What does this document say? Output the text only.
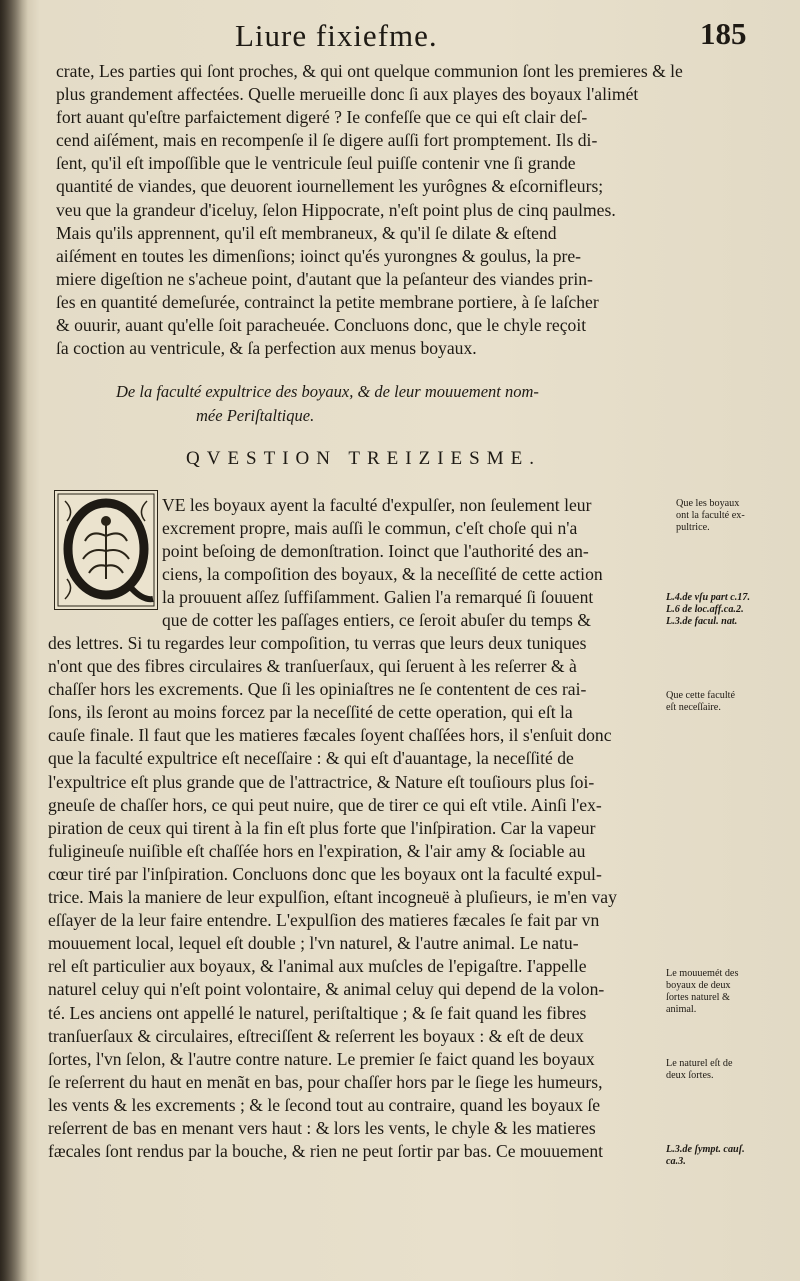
Liure fixiefme.	185
crate, Les parties qui ſont proches, & qui ont quelque communion ſont les premieres & le
plus grandement affectées. Quelle merueille donc ſi aux playes des boyaux l'alimét
fort auant qu'eſtre parfaictement digeré ? Ie confeſſe que ce qui eſt clair deſ-
cend aiſément, mais en recompenſe il ſe digere auſſi fort promptement. Ils di-
ſent, qu'il eſt impoſſible que le ventricule ſeul puiſſe contenir vne ſi grande
quantité de viandes, que deuorent iournellement les yurôgnes & eſcornifleurs;
veu que la grandeur d'iceluy, ſelon Hippocrate, n'eſt point plus de cinq paulmes.
Mais qu'ils apprennent, qu'il eſt membraneux, & qu'il ſe dilate & eſtend
aiſément en toutes les dimenſions; ioinct qu'és yurongnes & goulus, la pre-
miere digeſtion ne s'acheue point, d'autant que la peſanteur des viandes prin-
ſes en quantité demeſurée, contrainct la petite membrane portiere, à ſe laſcher
& ouurir, auant qu'elle ſoit paracheuée. Concluons donc, que le chyle reçoit
ſa coction au ventricule, & ſa perfection aux menus boyaux.
De la faculté expultrice des boyaux, & de leur mouuement nom-
mée Periſtaltique.
QVESTION TREIZIESME.
VE les boyaux ayent la faculté d'expulſer, non ſeulement leur
excrement propre, mais auſſi le commun, c'eſt choſe qui n'a
point beſoing de demonſtration. Ioinct que l'authorité des an-
ciens, la compoſition des boyaux, & la neceſſité de cette action
la prouuent aſſez ſuffiſamment. Galien l'a remarqué ſi ſouuent
que de cotter les paſſages entiers, ce ſeroit abuſer du temps &
des lettres. Si tu regardes leur compoſition, tu verras que leurs deux tuniques
n'ont que des fibres circulaires & tranſuerſaux, qui ſeruent à les reſerrer & à
chaſſer hors les excrements. Que ſi les opiniaſtres ne ſe contentent de ces rai-
ſons, ils ſeront au moins forcez par la neceſſité de cette operation, qui eſt la
cauſe finale. Il faut que les matieres fæcales ſoyent chaſſées hors, il s'enſuit donc
que la faculté expultrice eſt neceſſaire : & qui eſt d'auantage, la neceſſité de
l'expultrice eſt plus grande que de l'attractrice, & Nature eſt touſiours plus ſoi-
gneuſe de chaſſer hors, ce qui peut nuire, que de tirer ce qui eſt vtile. Ainſi l'ex-
piration de ceux qui tirent à la fin eſt plus forte que l'inſpiration. Car la vapeur
fuligineuſe nuiſible eſt chaſſée hors en l'expiration, & l'air amy & ſociable au
cœur tiré par l'inſpiration. Concluons donc que les boyaux ont la faculté expul-
trice. Mais la maniere de leur expulſion, eſtant incogneuë à pluſieurs, ie m'en vay
eſſayer de la leur faire entendre. L'expulſion des matieres fæcales ſe fait par vn
mouuement local, lequel eſt double ; l'vn naturel, & l'autre animal. Le natu-
rel eſt particulier aux boyaux, & l'animal aux muſcles de l'epigaſtre. I'appelle
naturel celuy qui n'eſt point volontaire, & animal celuy qui depend de la volon-
té. Les anciens ont appellé le naturel, periſtaltique ; & ſe fait quand les fibres
tranſuerſaux & circulaires, eſtreciſſent & reſerrent les boyaux : & eſt de deux
ſortes, l'vn ſelon, & l'autre contre nature. Le premier ſe faict quand les boyaux
ſe reſerrent du haut en menãt en bas, pour chaſſer hors par le ſiege les humeurs,
les vents & les excrements ; & le ſecond tout au contraire, quand les boyaux ſe
reſerrent de bas en menant vers haut : & lors les vents, le chyle & les matieres
fæcales ſont rendus par la bouche, & rien ne peut ſortir par bas. Ce mouuement
Que les boyaux
ont la faculté ex-
pultrice.
L.4.de vſu part c.17.
L.6 de loc.aff.ca.2.
L.3.de facul. nat.
Que cette faculté
eſt neceſſaire.
Le mouuemét des
boyaux de deux
ſortes naturel &
animal.
Le naturel eſt de
deux ſortes.
L.3.de ſympt. cauſ.
ca.3.
